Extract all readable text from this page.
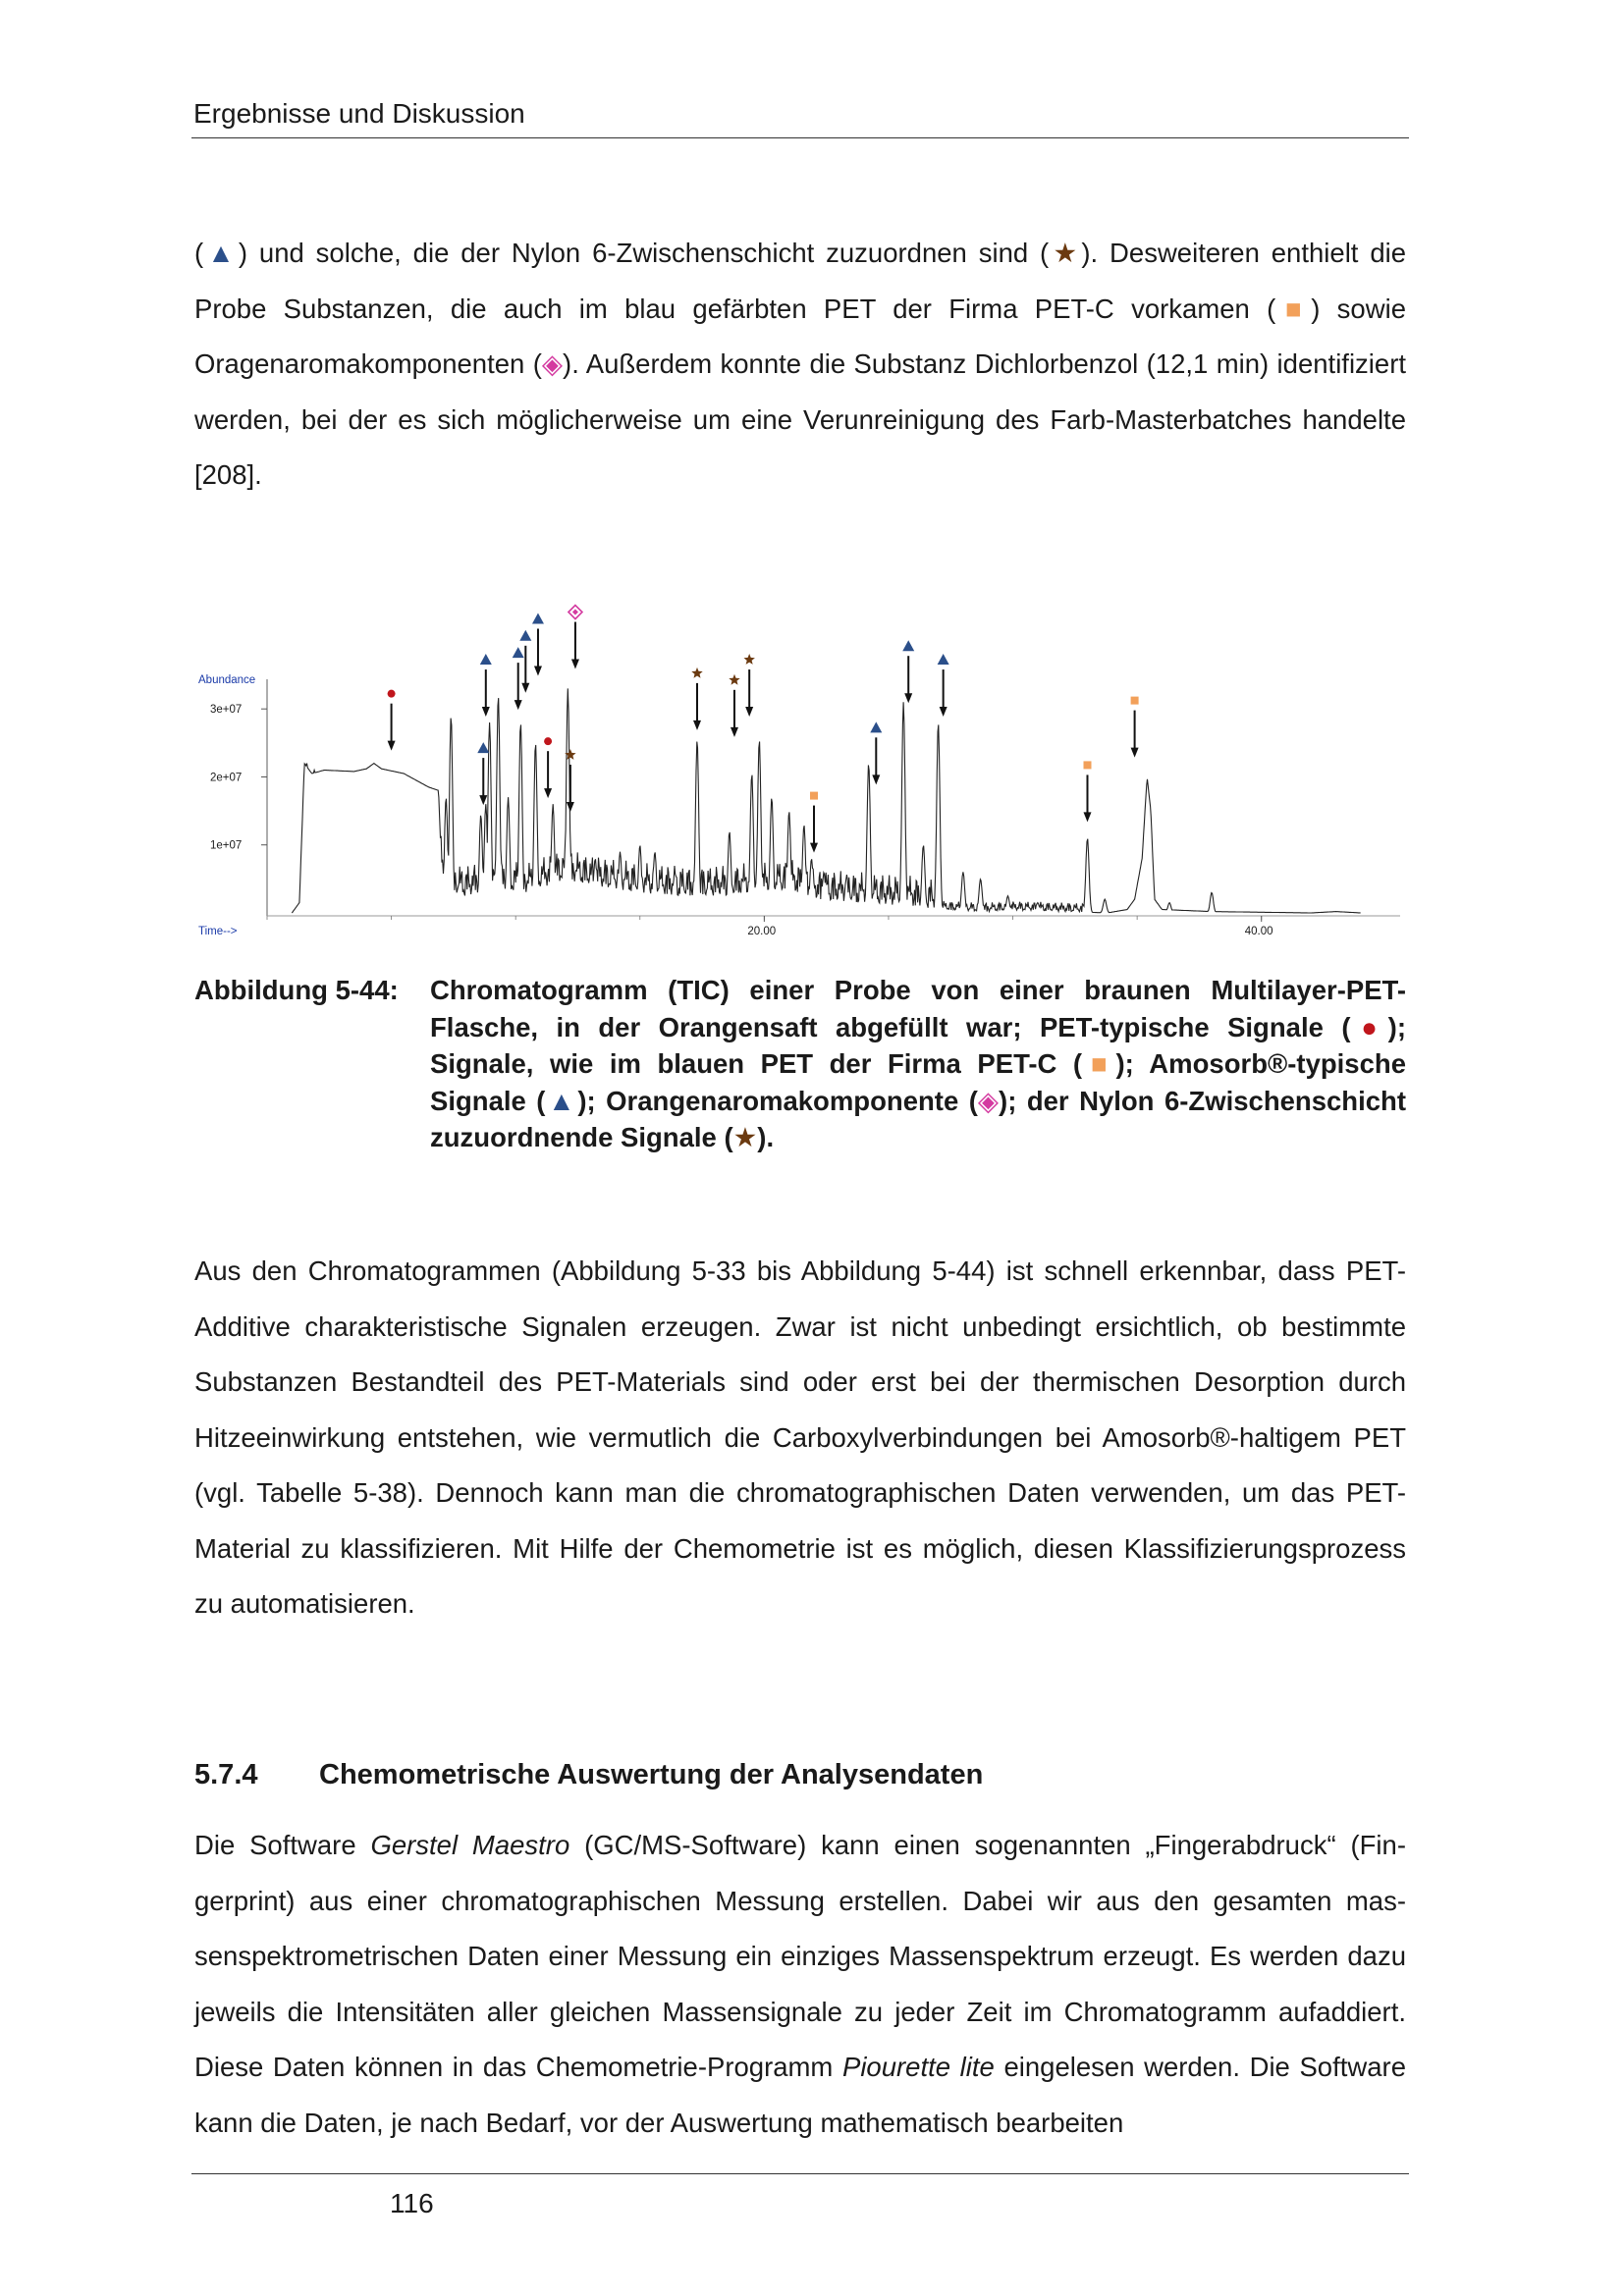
Ergebnisse und Diskussion
(▲) und solche, die der Nylon 6-Zwischenschicht zuzuordnen sind (★). Desweiteren enthielt die Probe Substanzen, die auch im blau gefärbten PET der Firma PET-C vorkamen (■) sowie Oragenaromakomponenten (◈). Außerdem konnte die Substanz Dichlorbenzol (12,1 min) identifiziert werden, bei der es sich möglicherweise um eine Verunreinigung des Farb-Masterbatches handelte [208].
1e+07
2e+07
3e+07
20.00	40.00
Abundance
Time-->
Abbildung 5-44:	Chromatogramm (TIC) einer Probe von einer braunen Multilayer-PET-Flasche, in der Orangensaft abgefüllt war; PET-typische Signale (●); Signale, wie im blauen PET der Firma PET-C (■); Amosorb®-typische Signale (▲); Orangenaromakomponente (◈); der Nylon 6-Zwischenschicht zuzuordnende Signale (★).
Aus den Chromatogrammen (Abbildung 5-33 bis Abbildung 5-44) ist schnell erkennbar, dass PET-Additive charakteristische Signalen erzeugen. Zwar ist nicht unbedingt ersichtlich, ob bestimmte Substanzen Bestandteil des PET-Materials sind oder erst bei der thermischen Desorption durch Hitzeeinwirkung entstehen, wie vermutlich die Carboxylverbindungen bei Amosorb®-haltigem PET (vgl. Tabelle 5-38). Dennoch kann man die chromatographischen Daten verwenden, um das PET-Material zu klassifizieren. Mit Hilfe der Chemometrie ist es möglich, diesen Klassifizierungsprozess zu automatisieren.
5.7.4 Chemometrische Auswertung der Analysendaten
Die Software Gerstel Maestro (GC/MS-Software) kann einen sogenannten „Fingerabdruck“ (Fingerprint) aus einer chromatographischen Messung erstellen. Dabei wir aus den gesamten massenspektrometrischen Daten einer Messung ein einziges Massenspektrum erzeugt. Es werden dazu jeweils die Intensitäten aller gleichen Massensignale zu jeder Zeit im Chromatogramm aufaddiert. Diese Daten können in das Chemometrie-Programm Piourette lite eingelesen werden. Die Software kann die Daten, je nach Bedarf, vor der Auswertung mathematisch bearbeiten
116
